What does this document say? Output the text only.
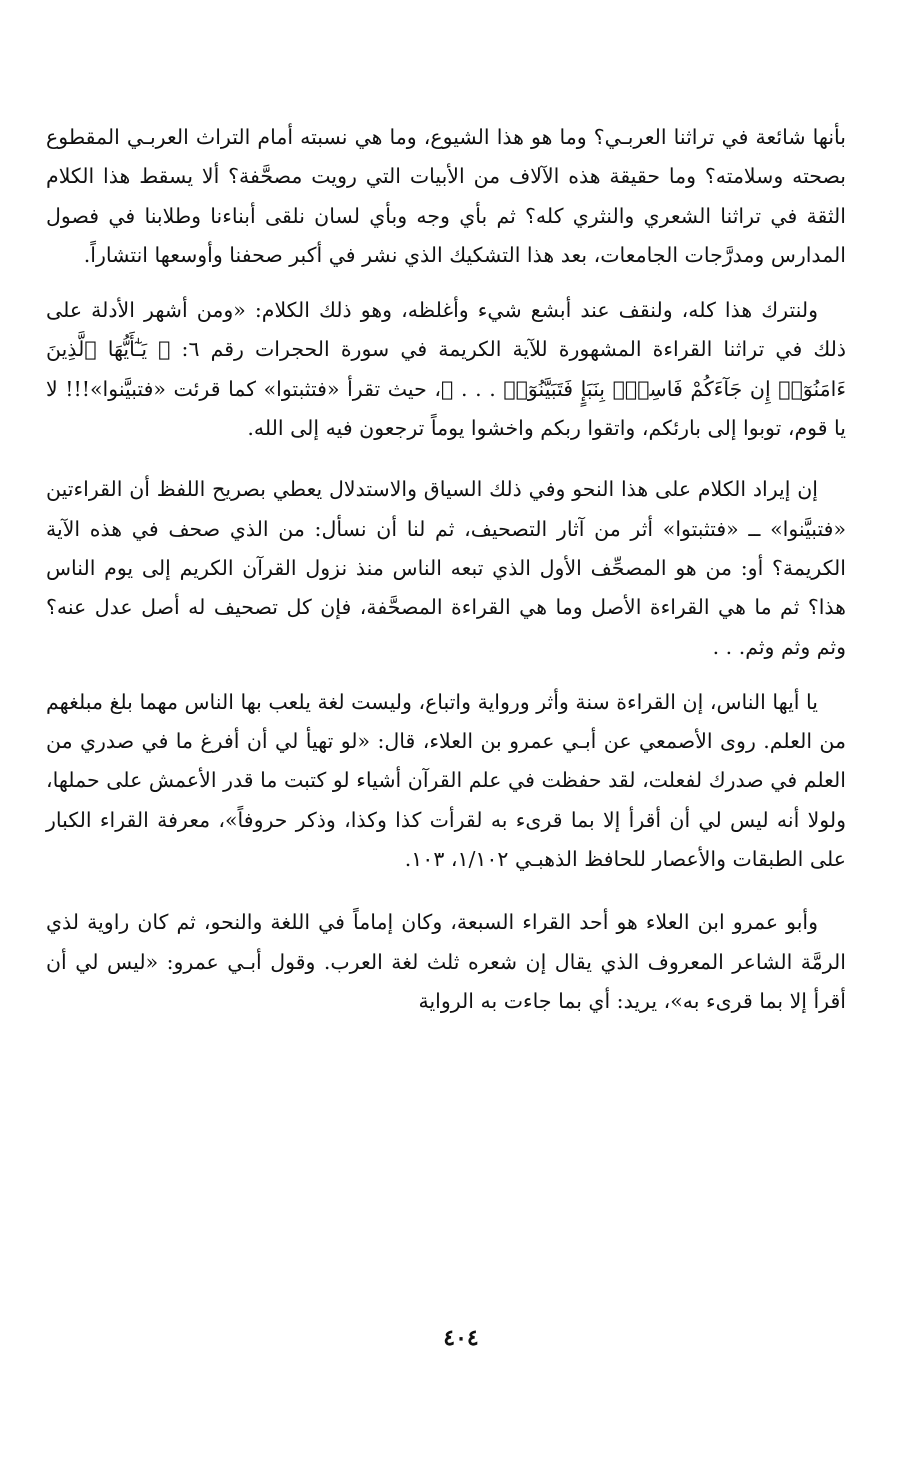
بأنها شائعة في تراثنا العربـي؟ وما هو هذا الشيوع، وما هي نسبته أمام التراث العربـي المقطوع بصحته وسلامته؟ وما حقيقة هذه الآلاف من الأبيات التي رويت مصحَّفة؟ ألا يسقط هذا الكلام الثقة في تراثنا الشعري والنثري كله؟ ثم بأي وجه وبأي لسان نلقى أبناءنا وطلابنا في فصول المدارس ومدرَّجات الجامعات، بعد هذا التشكيك الذي نشر في أكبر صحفنا وأوسعها انتشاراً.

ولنترك هذا كله، ولنقف عند أبشع شيء وأغلظه، وهو ذلك الكلام: «ومن أشهر الأدلة على ذلك في تراثنا القراءة المشهورة للآية الكريمة في سورة الحجرات رقم ٦: ﴿ يَـٰٓأَيُّهَا ٱلَّذِينَ ءَامَنُوٓا۟ إِن جَآءَكُمْ فَاسِقٌۢ بِنَبَإٍ فَتَبَيَّنُوٓا۟ . . . ﴾، حيث تقرأ «فتثبتوا» كما قرئت «فتبيَّنوا»!!! لا يا قوم، توبوا إلى بارئكم، واتقوا ربكم واخشوا يوماً ترجعون فيه إلى الله.

إن إيراد الكلام على هذا النحو وفي ذلك السياق والاستدلال يعطي بصريح اللفظ أن القراءتين «فتبيَّنوا» ــ «فتثبتوا» أثر من آثار التصحيف، ثم لنا أن نسأل: من الذي صحف في هذه الآية الكريمة؟ أو: من هو المصحِّف الأول الذي تبعه الناس منذ نزول القرآن الكريم إلى يوم الناس هذا؟ ثم ما هي القراءة الأصل وما هي القراءة المصحَّفة، فإن كل تصحيف له أصل عدل عنه؟ وثم وثم وثم. . .

يا أيها الناس، إن القراءة سنة وأثر ورواية واتباع، وليست لغة يلعب بها الناس مهما بلغ مبلغهم من العلم. روى الأصمعي عن أبـي عمرو بن العلاء، قال: «لو تهيأ لي أن أفرغ ما في صدري من العلم في صدرك لفعلت، لقد حفظت في علم القرآن أشياء لو كتبت ما قدر الأعمش على حملها، ولولا أنه ليس لي أن أقرأ إلا بما قرىء به لقرأت كذا وكذا، وذكر حروفاً»، معرفة القراء الكبار على الطبقات والأعصار للحافظ الذهبـي ١/١٠٢، ١٠٣.

وأبو عمرو ابن العلاء هو أحد القراء السبعة، وكان إماماً في اللغة والنحو، ثم كان راوية لذي الرمَّة الشاعر المعروف الذي يقال إن شعره ثلث لغة العرب. وقول أبـي عمرو: «ليس لي أن أقرأ إلا بما قرىء به»، يريد: أي بما جاءت به الرواية

٤٠٤
